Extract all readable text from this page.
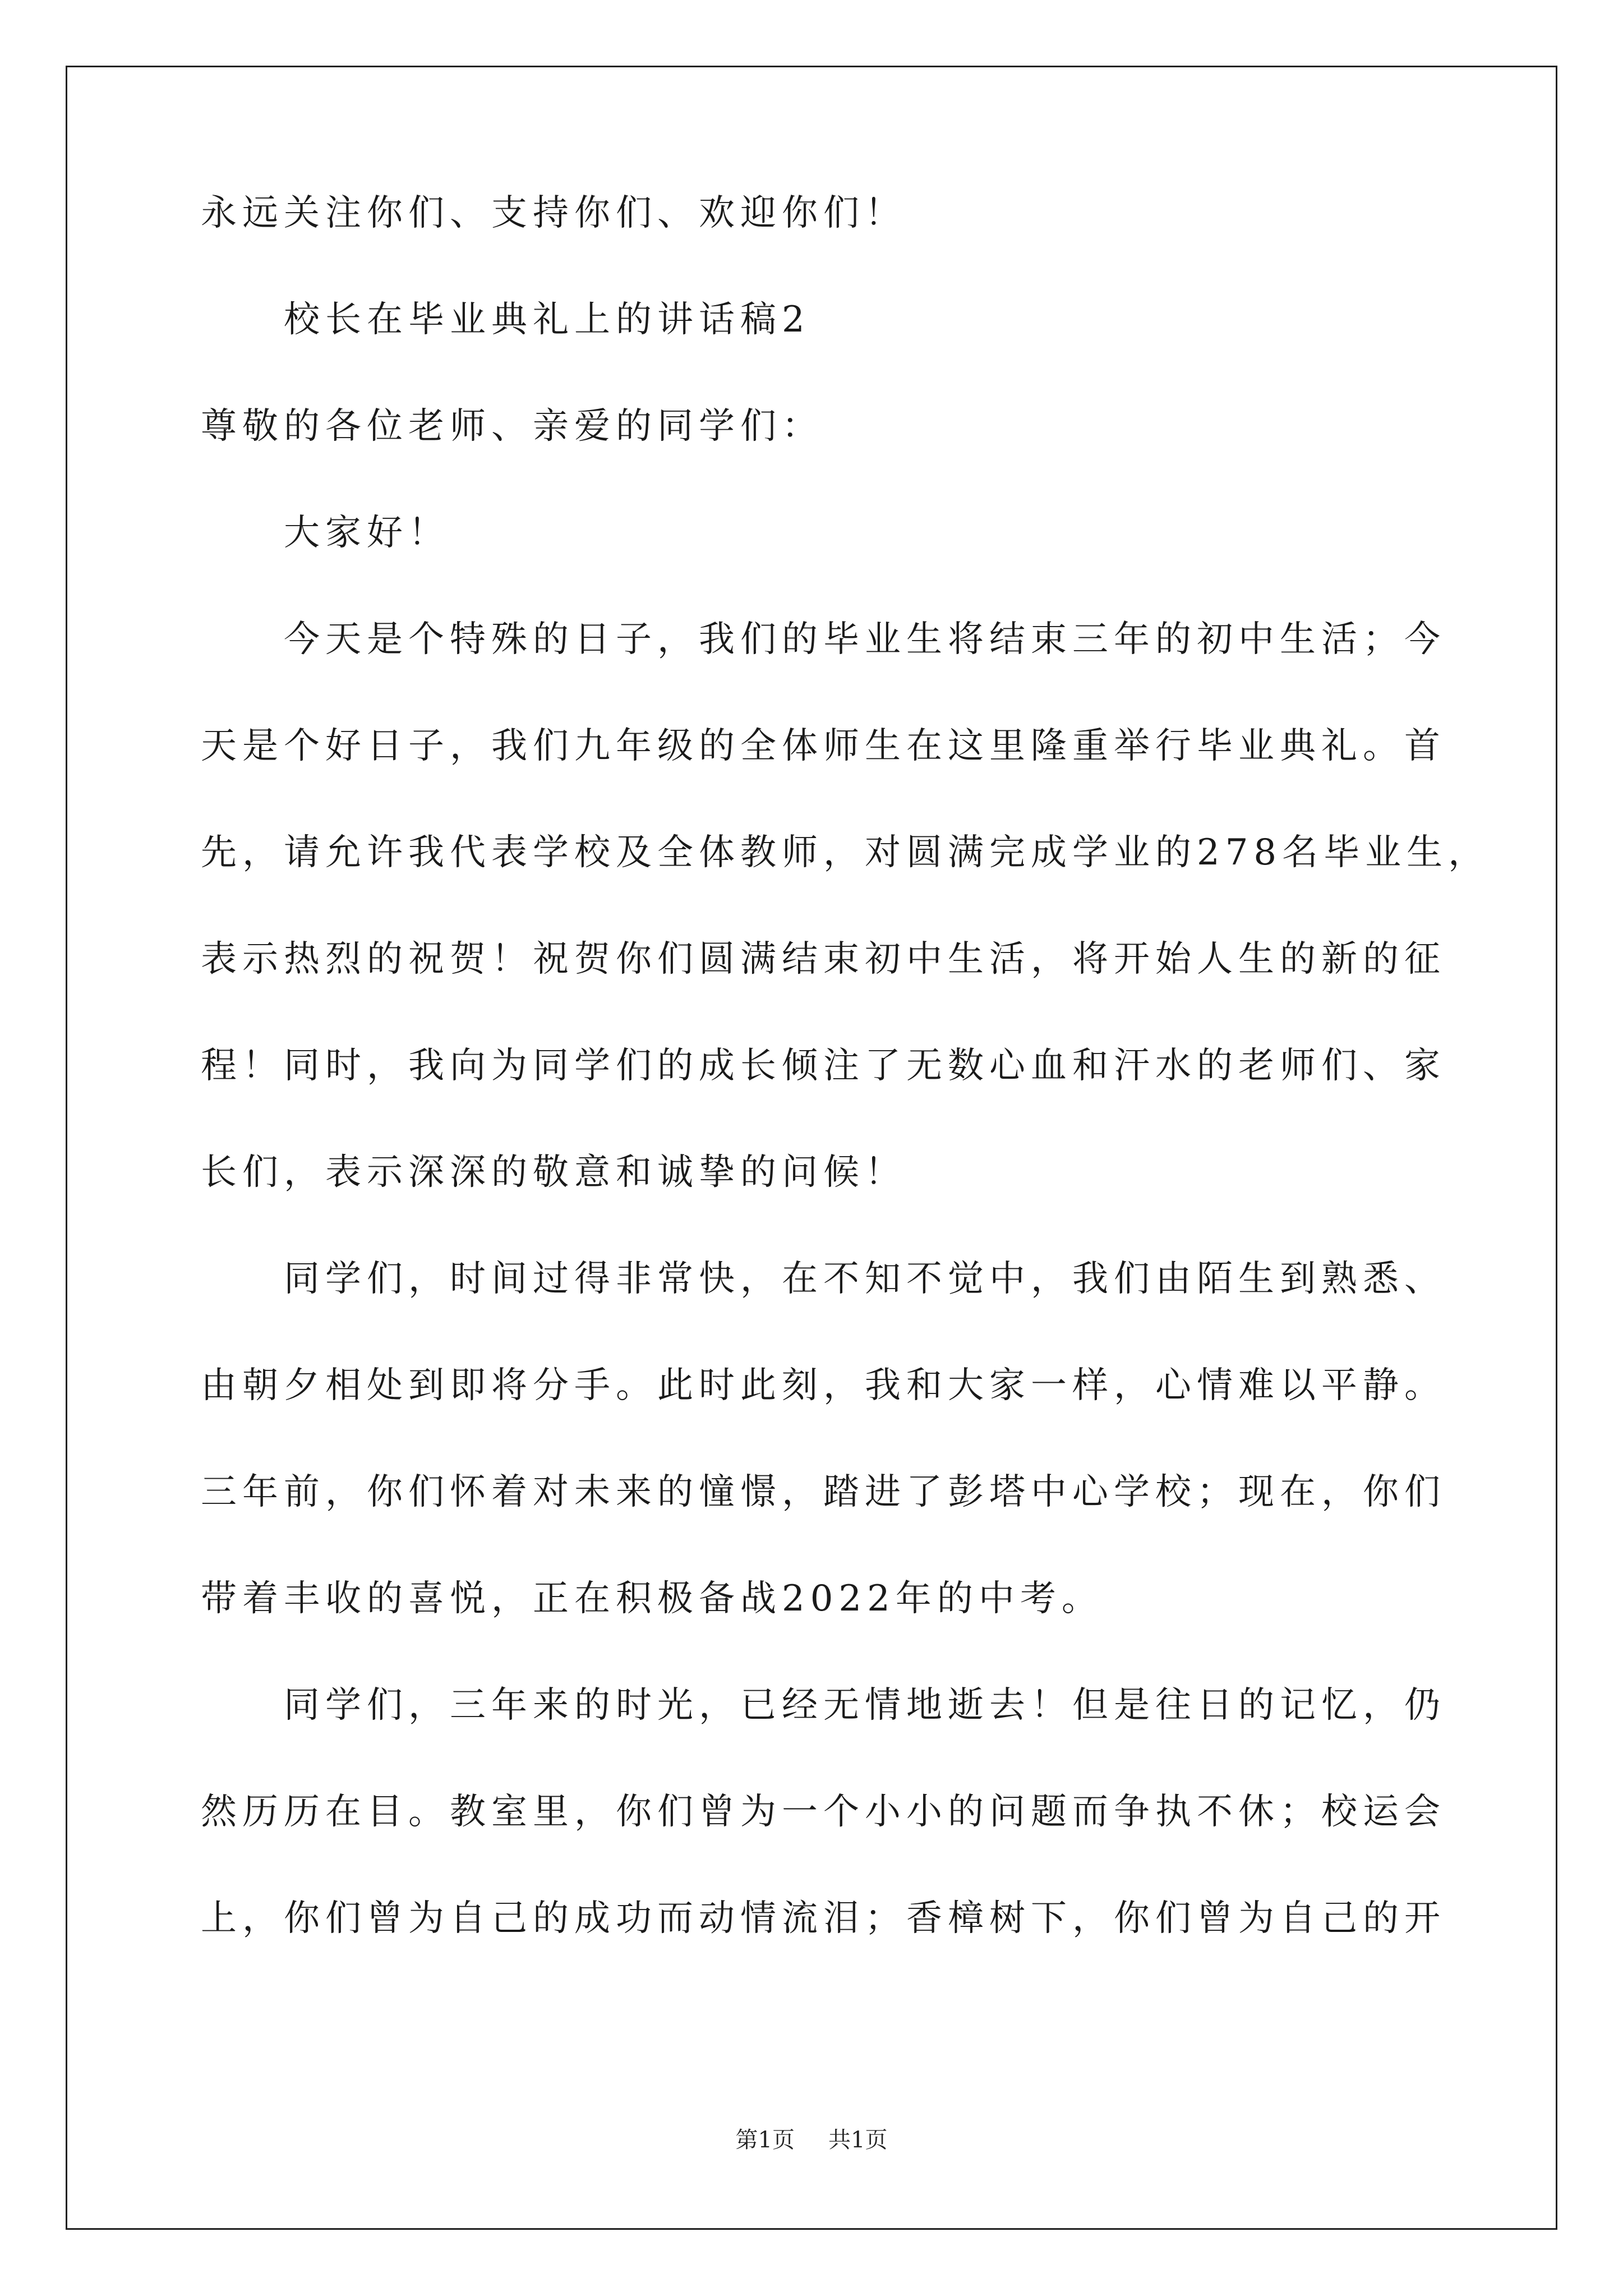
永远关注你们、支持你们、欢迎你们！
校长在毕业典礼上的讲话稿2
尊敬的各位老师、亲爱的同学们：
大家好！
今天是个特殊的日子，我们的毕业生将结束三年的初中生活；今
天是个好日子，我们九年级的全体师生在这里隆重举行毕业典礼。首
先，请允许我代表学校及全体教师，对圆满完成学业的278名毕业生，
表示热烈的祝贺！祝贺你们圆满结束初中生活，将开始人生的新的征
程！同时，我向为同学们的成长倾注了无数心血和汗水的老师们、家
长们，表示深深的敬意和诚挚的问候！
同学们，时间过得非常快，在不知不觉中，我们由陌生到熟悉、
由朝夕相处到即将分手。此时此刻，我和大家一样，心情难以平静。
三年前，你们怀着对未来的憧憬，踏进了彭塔中心学校；现在，你们
带着丰收的喜悦，正在积极备战2022年的中考。
同学们，三年来的时光，已经无情地逝去！但是往日的记忆，仍
然历历在目。教室里，你们曾为一个小小的问题而争执不休；校运会
上，你们曾为自己的成功而动情流泪；香樟树下，你们曾为自己的开
第1页 共1页
